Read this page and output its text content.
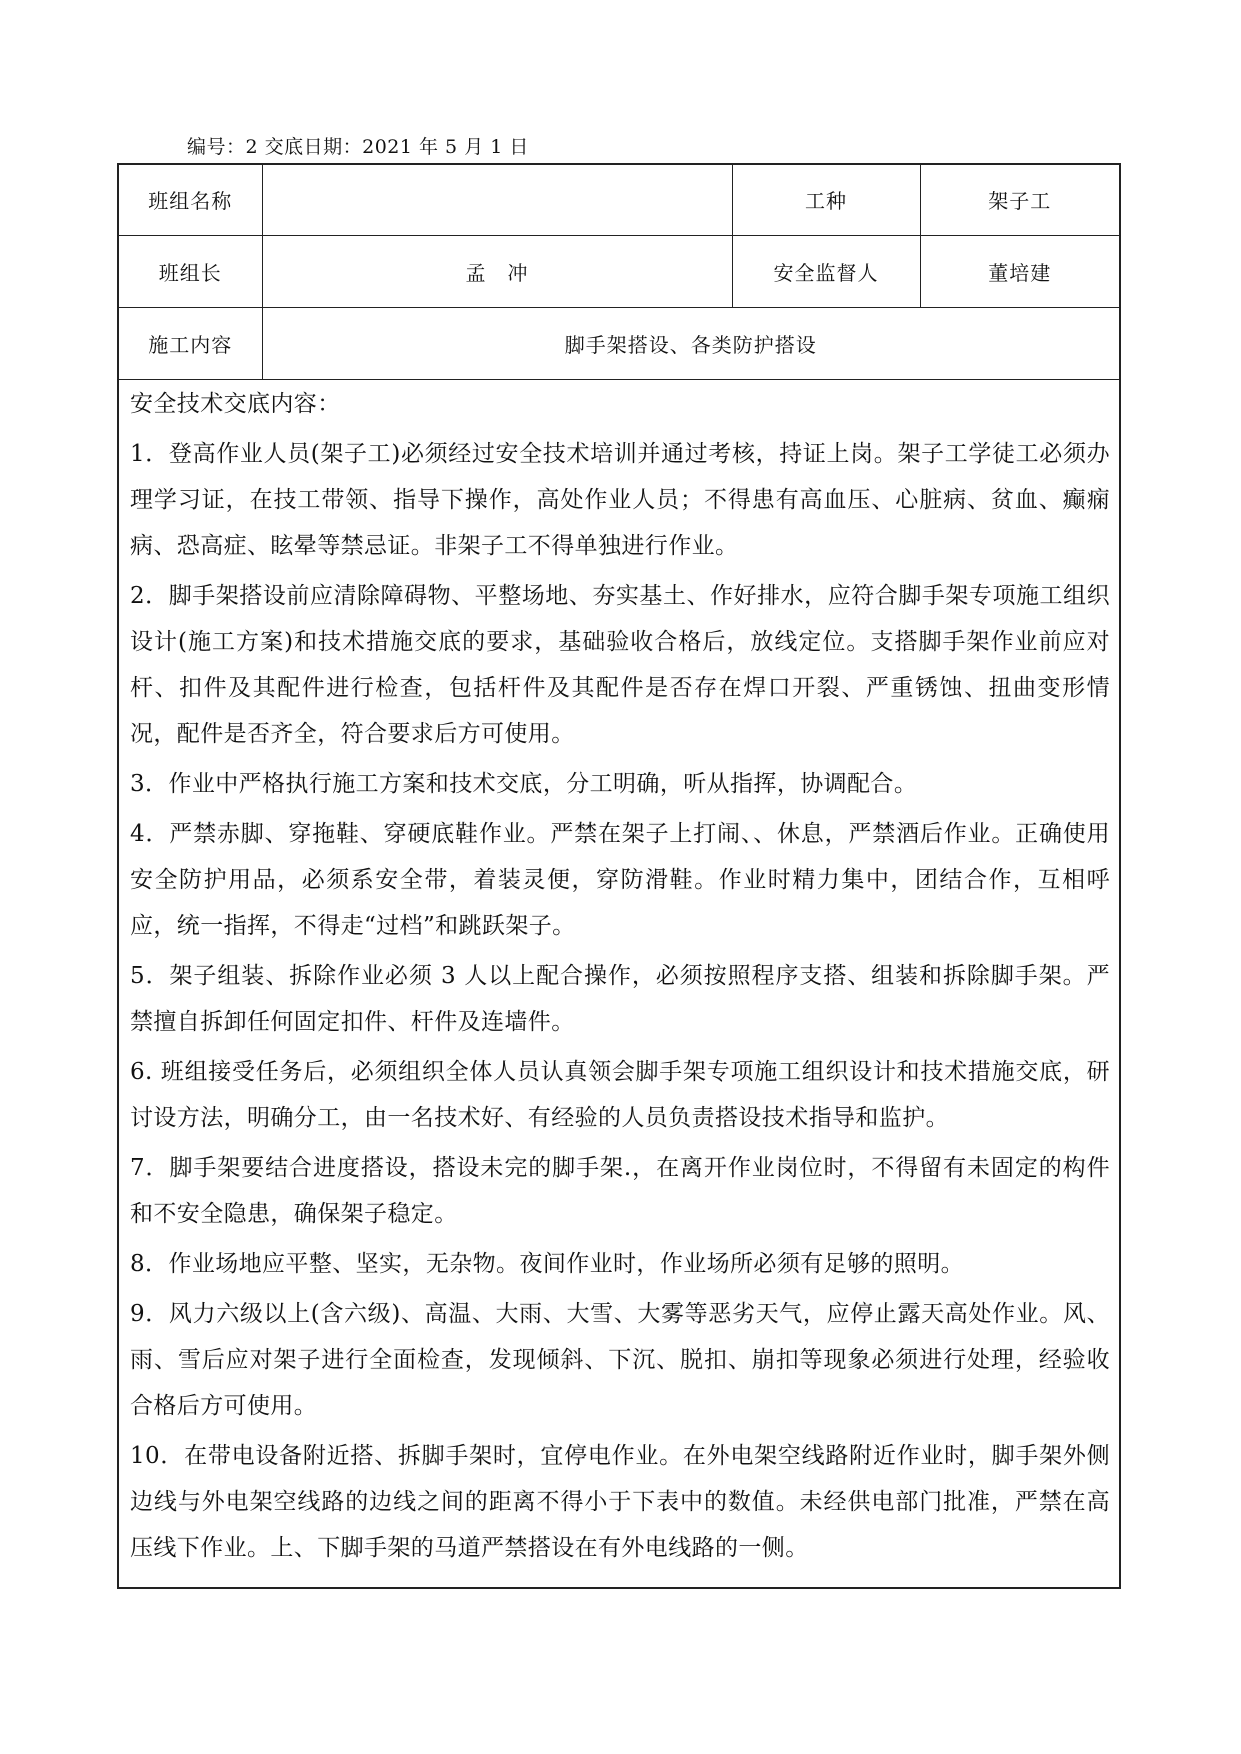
编号：2 交底日期：2021 年 5 月 1 日
班组名称		工种	架子工
班组长	孟　冲	安全监督人	董培建
施工内容	脚手架搭设、各类防护搭设		

安全技术交底内容：

1．登高作业人员(架子工)必须经过安全技术培训并通过考核，持证上岗。架子工学徒工必须办理学习证，在技工带领、指导下操作，高处作业人员；不得患有高血压、心脏病、贫血、癫痫病、恐高症、眩晕等禁忌证。非架子工不得单独进行作业。

2．脚手架搭设前应清除障碍物、平整场地、夯实基土、作好排水，应符合脚手架专项施工组织设计(施工方案)和技术措施交底的要求，基础验收合格后，放线定位。支搭脚手架作业前应对杆、扣件及其配件进行检查，包括杆件及其配件是否存在焊口开裂、严重锈蚀、扭曲变形情况，配件是否齐全，符合要求后方可使用。

3．作业中严格执行施工方案和技术交底，分工明确，听从指挥，协调配合。

4．严禁赤脚、穿拖鞋、穿硬底鞋作业。严禁在架子上打闹、、休息，严禁酒后作业。正确使用安全防护用品，必须系安全带，着装灵便，穿防滑鞋。作业时精力集中，团结合作，互相呼应，统一指挥，不得走“过档”和跳跃架子。

5．架子组装、拆除作业必须 3 人以上配合操作，必须按照程序支搭、组装和拆除脚手架。严禁擅自拆卸任何固定扣件、杆件及连墙件。

6. 班组接受任务后，必须组织全体人员认真领会脚手架专项施工组织设计和技术措施交底，研讨设方法，明确分工，由一名技术好、有经验的人员负责搭设技术指导和监护。

7．脚手架要结合进度搭设，搭设未完的脚手架.，在离开作业岗位时，不得留有未固定的构件和不安全隐患，确保架子稳定。

8．作业场地应平整、坚实，无杂物。夜间作业时，作业场所必须有足够的照明。

9．风力六级以上(含六级)、高温、大雨、大雪、大雾等恶劣天气，应停止露天高处作业。风、雨、雪后应对架子进行全面检查，发现倾斜、下沉、脱扣、崩扣等现象必须进行处理，经验收合格后方可使用。

10．在带电设备附近搭、拆脚手架时，宜停电作业。在外电架空线路附近作业时，脚手架外侧边线与外电架空线路的边线之间的距离不得小于下表中的数值。未经供电部门批准，严禁在高压线下作业。上、下脚手架的马道严禁搭设在有外电线路的一侧。
